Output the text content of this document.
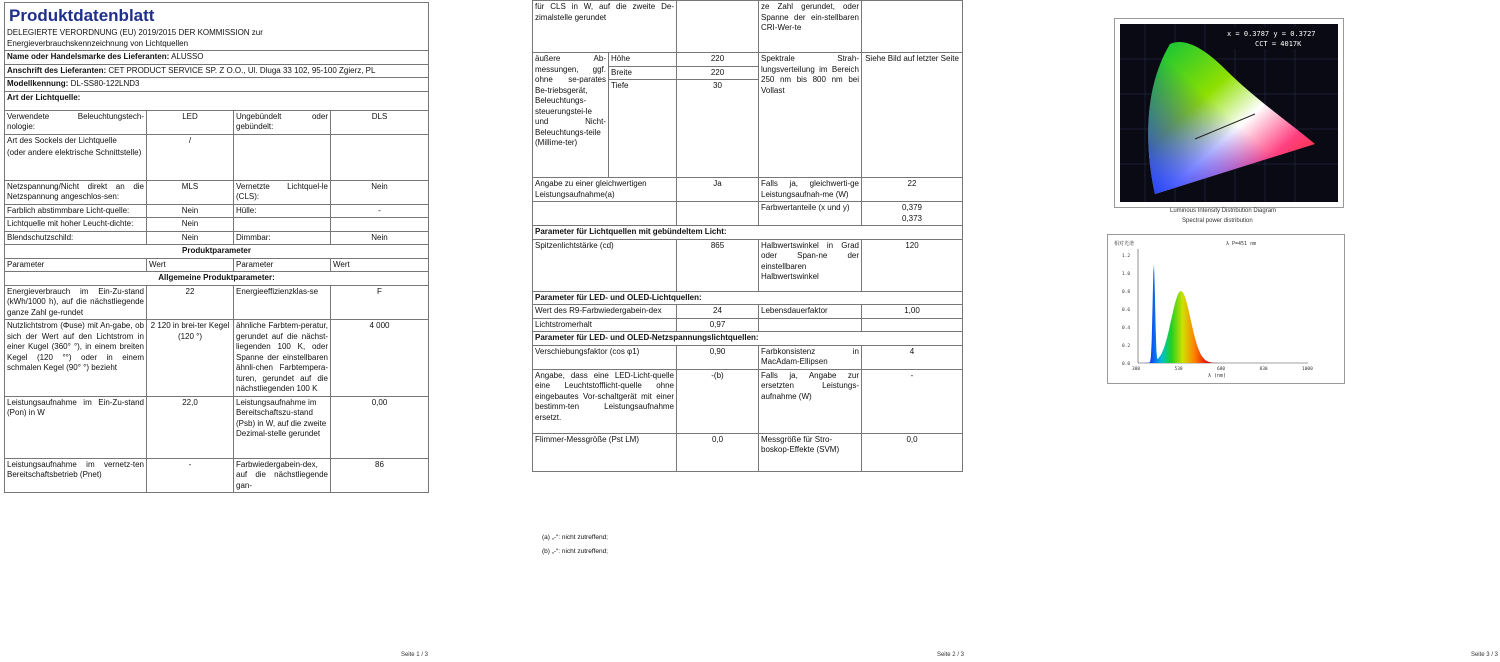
Produktdatenblatt
DELEGIERTE VERORDNUNG (EU) 2019/2015 DER KOMMISSION zur Energieverbrauchskennzeichnung von Lichtquellen			

Name oder Handelsmarke des Lieferanten: ALUSSO			
Anschrift des Lieferanten: CET PRODUCT SERVICE SP. Z O.O., Ul. Dluga 33 102, 95-100 Zgierz, PL			
Modellkennung: DL-SS80-122LND3			
Art der Lichtquelle:			
Verwendete Beleuchtungstech-nologie:	LED	Ungebündelt oder gebündelt:	DLS

Art des Sockels der Lichtquelle
(oder andere elektrische Schnittstelle)	/		
Netzspannung/Nicht direkt an die Netzspannung angeschlos-sen:	MLS	Vernetzte Lichtquel-le (CLS):	Nein
Farblich abstimmbare Licht-quelle:	Nein	Hülle:	-
Lichtquelle mit hoher Leucht-dichte:	Nein		
Blendschutzschild:	Nein	Dimmbar:	Nein
Produktparameter			
Parameter	Wert	Parameter	Wert
Allgemeine Produktparameter:			
Energieverbrauch im Ein-Zu-stand (kWh/1000 h), auf die nächstliegende ganze Zahl ge-rundet	22	Energieeffizienzklas-se	F
Nutzlichtstrom (Φuse) mit An-gabe, ob sich der Wert auf den Lichtstrom in einer Kugel (360° °), in einem breiten Kegel (120 °°) oder in einem schmalen Kegel (90° °) bezieht	2 120 in brei-ter Kegel (120 °)	ähnliche Farbtem-peratur, gerundet auf die nächst-liegenden 100 K, oder Spanne der einstellbaren ähnli-chen Farbtempera-turen, gerundet auf die nächstliegenden 100 K	4 000
Leistungsaufnahme im Ein-Zu-stand (Pon) in W	22,0	Leistungsaufnahme im Bereitschaftszu-stand (Psb) in W, auf die zweite Dezimal-stelle gerundet	0,00
Leistungsaufnahme im vernetz-ten Bereitschaftsbetrieb (Pnet)	-	Farbwiedergabein-dex, auf die nächstliegende gan-	86
Seite 1 / 3
für CLS in W, auf die zweite De-zimalstelle gerundet			ze Zahl gerundet, oder Spanne der ein-stellbaren CRI-Wer-te	
äußere Ab-messungen, ggf. ohne se-parates Be-triebsgerät, Beleuchtungs-steuerungstei-le und Nicht-Beleuchtungs-teile (Millime-ter)	Höhe	220	Spektrale Strah-lungsverteilung im Bereich 250 nm bis 800 nm bei Vollast	Siehe Bild auf letzter Seite
	Breite	220		
	Tiefe	30		
Angabe zu einer gleichwertigen Leistungsaufnahme(a)		Ja	Falls ja, gleichwerti-ge Leistungsaufnah-me (W)	22
			Farbwertanteile (x und y)	0,379
0,373

Parameter für Lichtquellen mit gebündeltem Licht:				
Spitzenlichtstärke (cd)		865	Halbwertswinkel in Grad oder Span-ne der einstellbaren Halbwertswinkel	120
Parameter für LED- und OLED-Lichtquellen:				
Wert des R9-Farbwiedergabein-dex		24	Lebensdauerfaktor	1,00
Lichtstromerhalt		0,97		
Parameter für LED- und OLED-Netzspannungslichtquellen:				
Verschiebungsfaktor (cos φ1)		0,90	Farbkonsistenz in MacAdam-Ellipsen	4
Angabe, dass eine LED-Licht-quelle eine Leuchtstofflicht-quelle ohne eingebautes Vor-schaltgerät mit einer bestimm-ten Leistungsaufnahme ersetzt.		-(b)	Falls ja, Angabe zur ersetzten Leistungs-aufnahme (W)	-
Flimmer-Messgröße (Pst LM)		0,0	Messgröße für Stro-boskop-Effekte (SVM)	0,0
(a) „-“: nicht zutreffend;
(b) „-“: nicht zutreffend;
Seite 2 / 3
x = 0.3787 y = 0.3727
CCT = 4017K
Luminous Intensity Distribution Diagram
Spectral power distribution
相对光谱	λ P=451 nm
1.2
1.0
0.8
0.6
0.4
0.2
0.0
380	530	680	830	1000
λ (nm)
Seite 3 / 3
